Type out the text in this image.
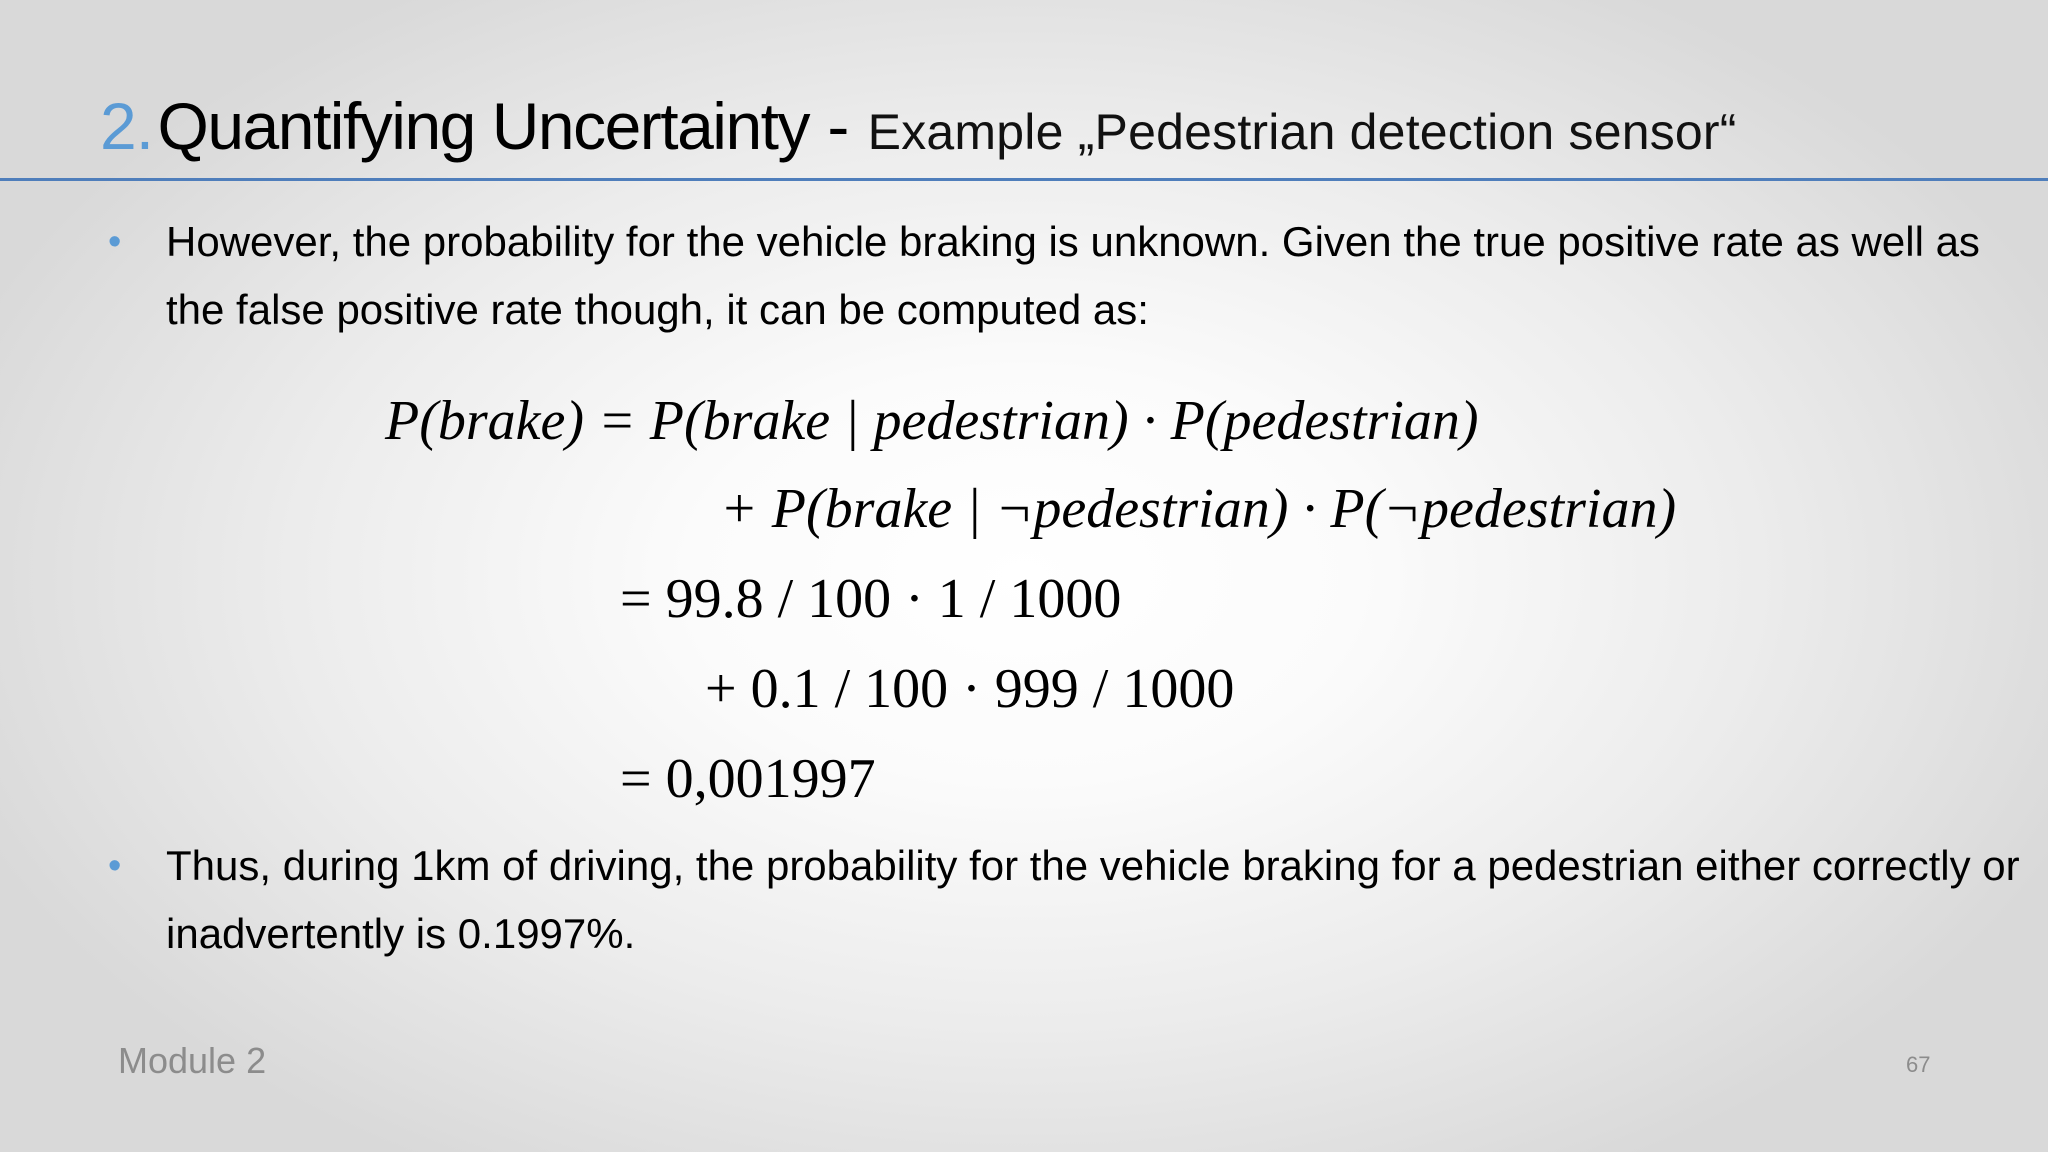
2. Quantifying Uncertainty - Example „Pedestrian detection sensor“
• However, the probability for the vehicle braking is unknown. Given the true positive rate as well as the false positive rate though, it can be computed as:
P(brake) = P(brake | pedestrian) · P(pedestrian)
+ P(brake | ¬pedestrian) · P(¬pedestrian)
= 99.8 / 100 · 1 / 1000
+ 0.1 / 100 · 999 / 1000
= 0,001997
• Thus, during 1km of driving, the probability for the vehicle braking for a pedestrian either correctly or inadvertently is 0.1997%.
Module 2	67
